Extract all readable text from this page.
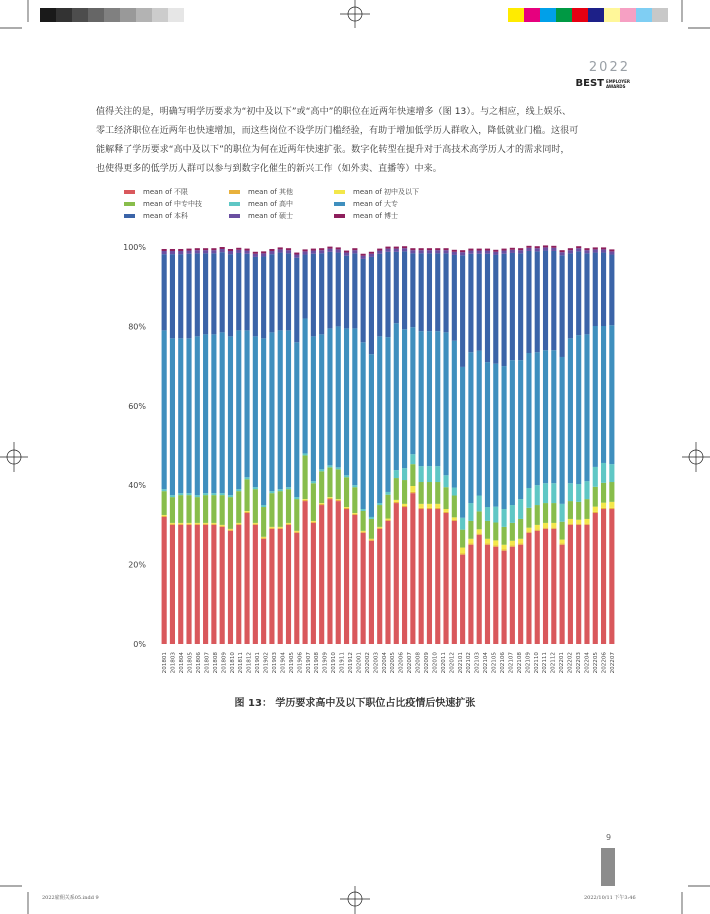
2022
BEST EMPLOYER
AWARDS
值得关注的是，明确写明学历要求为“初中及以下”或“高中”的职位在近两年快速增多（图 13）。与之相应，线上娱乐、
零工经济职位在近两年也快速增加，而这些岗位不设学历门槛经验，有助于增加低学历人群收入，降低就业门槛。这很可
能解释了学历要求“高中及以下”的职位为何在近两年快速扩张。数字化转型在提升对于高技术高学历人才的需求同时，
也使得更多的低学历人群可以参与到数字化催生的新兴工作（如外卖、直播等）中来。
mean of 不限	mean of 其他	mean of 初中及以下
mean of 中专中技	mean of 高中	mean of 大专
mean of 本科	mean of 硕士	mean of 博士
0%
20%
40%
60%
80%
100%
201801 201803 201804 201805 201806 201807 201808 201809 201810 201811 201812 201901 201902 201903 201904 201905 201906 201907 201908 201909 201910 201911 201912 202001 202002 202003 202004 202005 202006 202007 202008 202009 202010 202011 202012 202101 202102 202103 202104 202105 202106 202107 202108 202109 202110 202111 202112 202201 202202 202203 202204 202205 202206 202207
图 13： 学历要求高中及以下职位占比疫情后快速扩张
9
2022雇佣关系05.indd 9	2022/10/11 下午3:46
